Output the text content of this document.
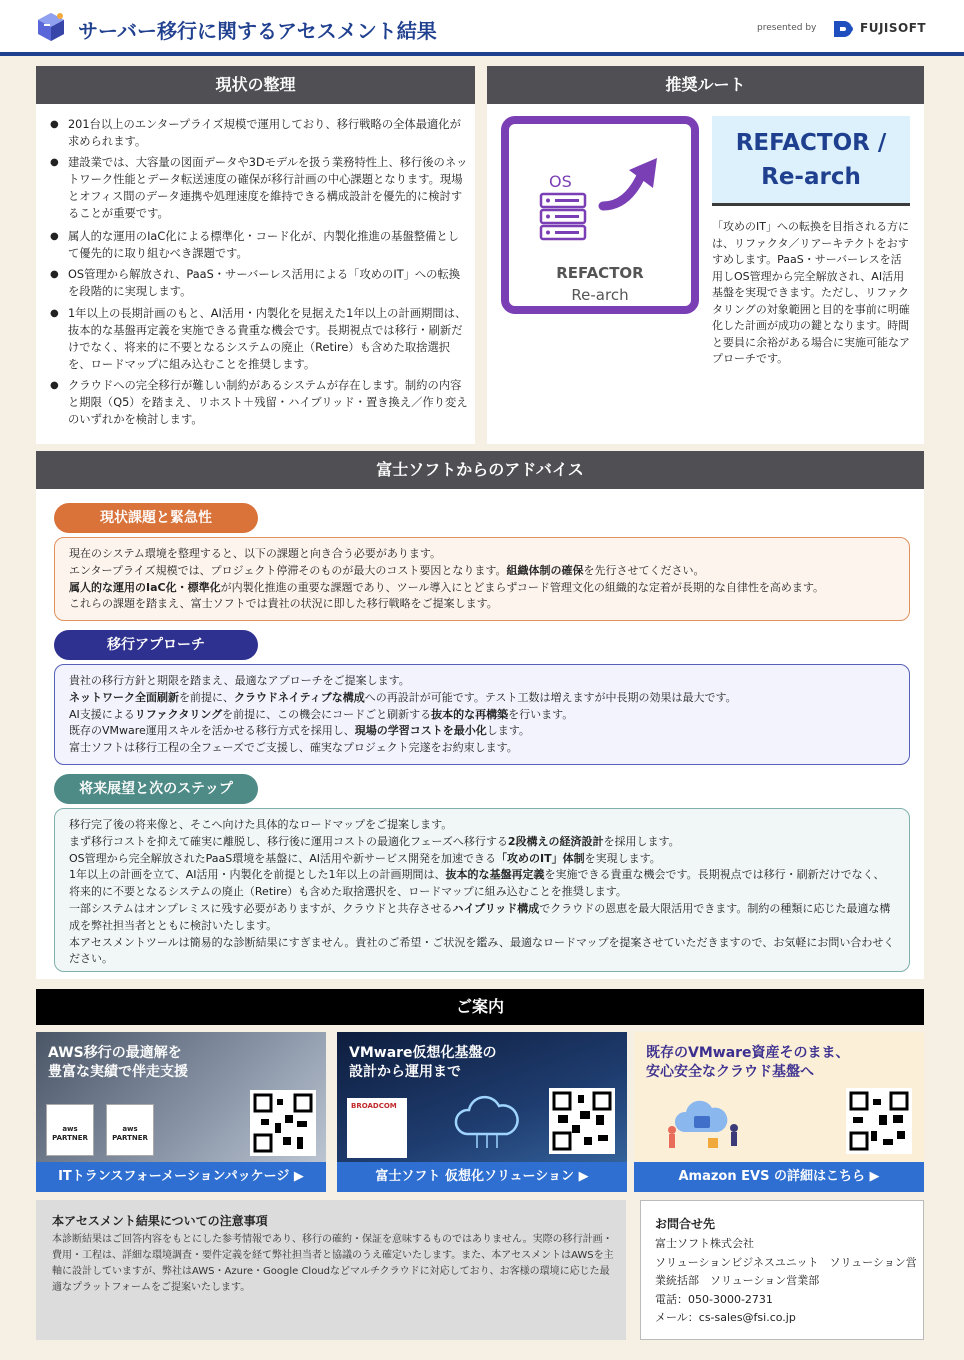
サーバー移行に関するアセスメント結果	presented by	FUJISOFT
現状の整理
● 201台以上のエンタープライズ規模で運用しており、移行戦略の全体最適化が求められます。
● 建設業では、大容量の図面データや3Dモデルを扱う業務特性上、移行後のネットワーク性能とデータ転送速度の確保が移行計画の中心課題となります。現場とオフィス間のデータ連携や処理速度を維持できる構成設計を優先的に検討することが重要です。
● 属人的な運用のIaC化による標準化・コード化が、内製化推進の基盤整備として優先的に取り組むべき課題です。
● OS管理から解放され、PaaS・サーバーレス活用による「攻めのIT」への転換を段階的に実現します。
● 1年以上の長期計画のもと、AI活用・内製化を見据えた1年以上の計画期間は、抜本的な基盤再定義を実施できる貴重な機会です。長期視点では移行・刷新だけでなく、将来的に不要となるシステムの廃止（Retire）も含めた取捨選択を、ロードマップに組み込むことを推奨します。
● クラウドへの完全移行が難しい制約があるシステムが存在します。制約の内容と期限（Q5）を踏まえ、リホスト＋残留・ハイブリッド・置き換え／作り変えのいずれかを検討します。
推奨ルート
OS
REFACTOR
Re-arch
REFACTOR /
Re-arch
「攻めのIT」への転換を目指される方には、リファクタ／リアーキテクトをおすすめします。PaaS・サーバーレスを活用しOS管理から完全解放され、AI活用基盤を実現できます。ただし、リファクタリングの対象範囲と目的を事前に明確化した計画が成功の鍵となります。時間と要員に余裕がある場合に実施可能なアプローチです。
富士ソフトからのアドバイス
現状課題と緊急性
現在のシステム環境を整理すると、以下の課題と向き合う必要があります。
エンタープライズ規模では、プロジェクト停滞そのものが最大のコスト要因となります。組織体制の確保を先行させてください。
属人的な運用のIaC化・標準化が内製化推進の重要な課題であり、ツール導入にとどまらずコード管理文化の組織的な定着が長期的な自律性を高めます。
これらの課題を踏まえ、富士ソフトでは貴社の状況に即した移行戦略をご提案します。
移行アプローチ
貴社の移行方針と期限を踏まえ、最適なアプローチをご提案します。
ネットワーク全面刷新を前提に、クラウドネイティブな構成への再設計が可能です。テスト工数は増えますが中長期の効果は最大です。
AI支援によるリファクタリングを前提に、この機会にコードごと刷新する抜本的な再構築を行います。
既存のVMware運用スキルを活かせる移行方式を採用し、現場の学習コストを最小化します。
富士ソフトは移行工程の全フェーズでご支援し、確実なプロジェクト完遂をお約束します。
将来展望と次のステップ
移行完了後の将来像と、そこへ向けた具体的なロードマップをご提案します。
まず移行コストを抑えて確実に離脱し、移行後に運用コストの最適化フェーズへ移行する2段構えの経済設計を採用します。
OS管理から完全解放されたPaaS環境を基盤に、AI活用や新サービス開発を加速できる「攻めのIT」体制を実現します。
1年以上の計画を立て、AI活用・内製化を前提とした1年以上の計画期間は、抜本的な基盤再定義を実施できる貴重な機会です。長期視点では移行・刷新だけでなく、将来的に不要となるシステムの廃止（Retire）も含めた取捨選択を、ロードマップに組み込むことを推奨します。
一部システムはオンプレミスに残す必要がありますが、クラウドと共存させるハイブリッド構成でクラウドの恩恵を最大限活用できます。制約の種類に応じた最適な構成を弊社担当者とともに検討いたします。
本アセスメントツールは簡易的な診断結果にすぎません。貴社のご希望・ご状況を鑑み、最適なロードマップを提案させていただきますので、お気軽にお問い合わせください。
ご案内
AWS移行の最適解を
豊富な実績で伴走支援
aws PARTNER
aws PARTNER
ITトランスフォーメーションパッケージ ▶
VMware仮想化基盤の
設計から運用まで
BROADCOM
富士ソフト 仮想化ソリューション ▶
既存のVMware資産そのまま、
安心安全なクラウド基盤へ
Amazon EVS の詳細はこちら ▶
本アセスメント結果についての注意事項
本診断結果はご回答内容をもとにした参考情報であり、移行の確約・保証を意味するものではありません。実際の移行計画・費用・工程は、詳細な環境調査・要件定義を経て弊社担当者と協議のうえ確定いたします。また、本アセスメントはAWSを主軸に設計していますが、弊社はAWS・Azure・Google Cloudなどマルチクラウドに対応しており、お客様の環境に応じた最適なプラットフォームをご提案いたします。
お問合せ先
富士ソフト株式会社
ソリューションビジネスユニット　ソリューション営業統括部　ソリューション営業部
電話：050-3000-2731
メール：cs-sales@fsi.co.jp
